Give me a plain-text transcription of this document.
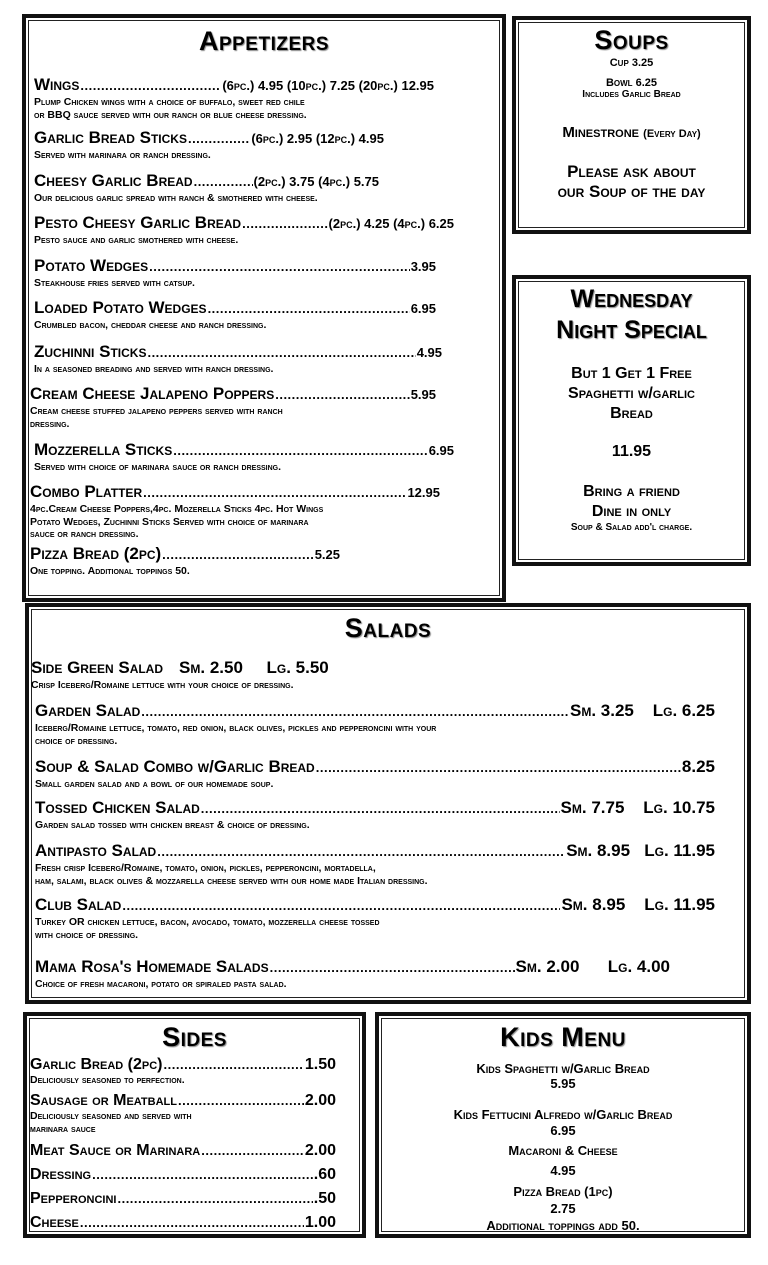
Appetizers
Wings .....	(6pc.) 4.95 (10pc.) 7.25 (20pc.) 12.95
Plump Chicken wings with a choice of buffalo, sweet red chile
or BBQ sauce served with our ranch or blue cheese dressing.
Garlic Bread Sticks .....	(6pc.) 2.95 (12pc.) 4.95
Served with marinara or ranch dressing.
Cheesy Garlic Bread .....	(2pc.) 3.75 (4pc.) 5.75
Our delicious garlic spread with ranch & smothered with cheese.
Pesto Cheesy Garlic Bread .....	(2pc.) 4.25 (4pc.) 6.25
Pesto sauce and garlic smothered with cheese.
Potato Wedges .....	3.95
Steakhouse fries served with catsup.
Loaded Potato Wedges .....	6.95
Crumbled bacon, cheddar cheese and ranch dressing.
Zuchinni Sticks .....	4.95
In a seasoned breading and served with ranch dressing.
Cream Cheese Jalapeno Poppers .....	5.95
Cream cheese stuffed jalapeno peppers served with ranch
dressing.
Mozzerella Sticks .....	6.95
Served with choice of marinara sauce or ranch dressing.
Combo Platter .....	12.95
4pc.Cream Cheese Poppers,4pc. Mozerella Sticks 4pc. Hot Wings
Potato Wedges, Zuchinni Sticks Served with choice of marinara
sauce or ranch dressing.
Pizza Bread (2pc) .....	5.25
One topping. Additional toppings 50.
Soups
Cup 3.25
Bowl 6.25
Includes Garlic Bread
Minestrone (Every Day)
Please ask about
our Soup of the day
Wednesday
Night Special
But 1 Get 1 Free
Spaghetti w/garlic
Bread
11.95
Bring a friend
Dine in only
Soup & Salad add'l charge.
Salads
Side Green Salad Sm. 2.50     Lg. 5.50
Crisp Iceberg/Romaine lettuce with your choice of dressing.
Garden Salad .....	Sm. 3.25    Lg. 6.25
Iceberg/Romaine lettuce, tomato, red onion, black olives, pickles and pepperoncini with your
choice of dressing.
Soup & Salad Combo w/Garlic Bread .....	8.25
Small garden salad and a bowl of our homemade soup.
Tossed Chicken Salad .....	Sm. 7.75    Lg. 10.75
Garden salad tossed with chicken breast & choice of dressing.
Antipasto Salad .....	Sm. 8.95   Lg. 11.95
Fresh crisp Iceberg/Romaine, tomato, onion, pickles, pepperoncini, mortadella,
ham, salami, black olives & mozzarella cheese served with our home made Italian dressing.
Club Salad .....	Sm. 8.95    Lg. 11.95
Turkey OR chicken lettuce, bacon, avocado, tomato, mozzerella cheese tossed
with choice of dressing.
Mama Rosa's Homemade Salads .....	Sm. 2.00      Lg. 4.00
Choice of fresh macaroni, potato or spiraled pasta salad.
Sides
Garlic Bread (2pc) .....	1.50
Deliciously seasoned to perfection.
Sausage or Meatball .....	2.00
Deliciously seasoned and served with
marinara sauce
Meat Sauce or Marinara .....	2.00
Dressing .....	.60
Pepperoncini .....	.50
Cheese .....	1.00
Kids Menu
Kids Spaghetti w/Garlic Bread
5.95
Kids Fettucini Alfredo w/Garlic Bread
6.95
Macaroni & Cheese
4.95
Pizza Bread (1pc)
2.75
Additional toppings add 50.
